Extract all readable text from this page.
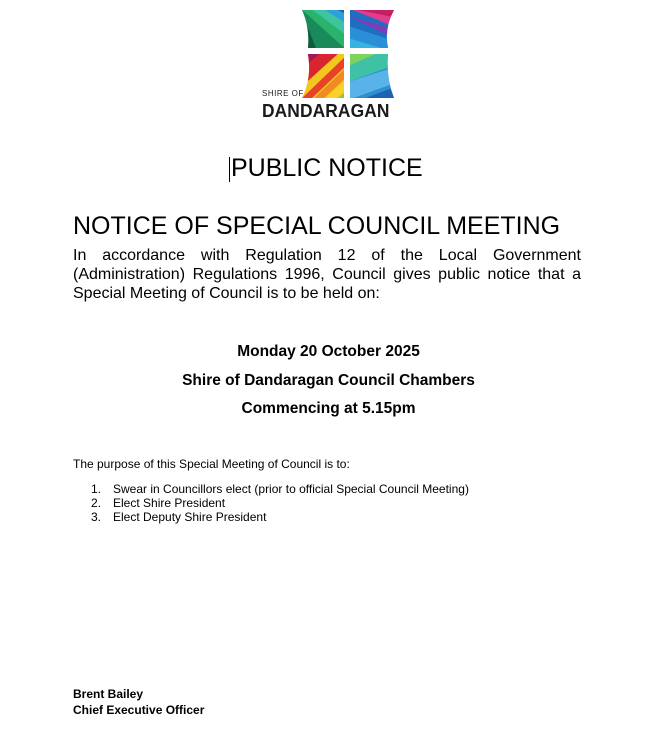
SHIRE OF
DANDARAGAN
PUBLIC NOTICE
NOTICE OF SPECIAL COUNCIL MEETING
In accordance with Regulation 12 of the Local Government (Administration) Regulations 1996, Council gives public notice that a Special Meeting of Council is to be held on:
Monday 20 October 2025
Shire of Dandaragan Council Chambers
Commencing at 5.15pm
The purpose of this Special Meeting of Council is to:
1. Swear in Councillors elect (prior to official Special Council Meeting)
2. Elect Shire President
3. Elect Deputy Shire President
Brent Bailey
Chief Executive Officer
